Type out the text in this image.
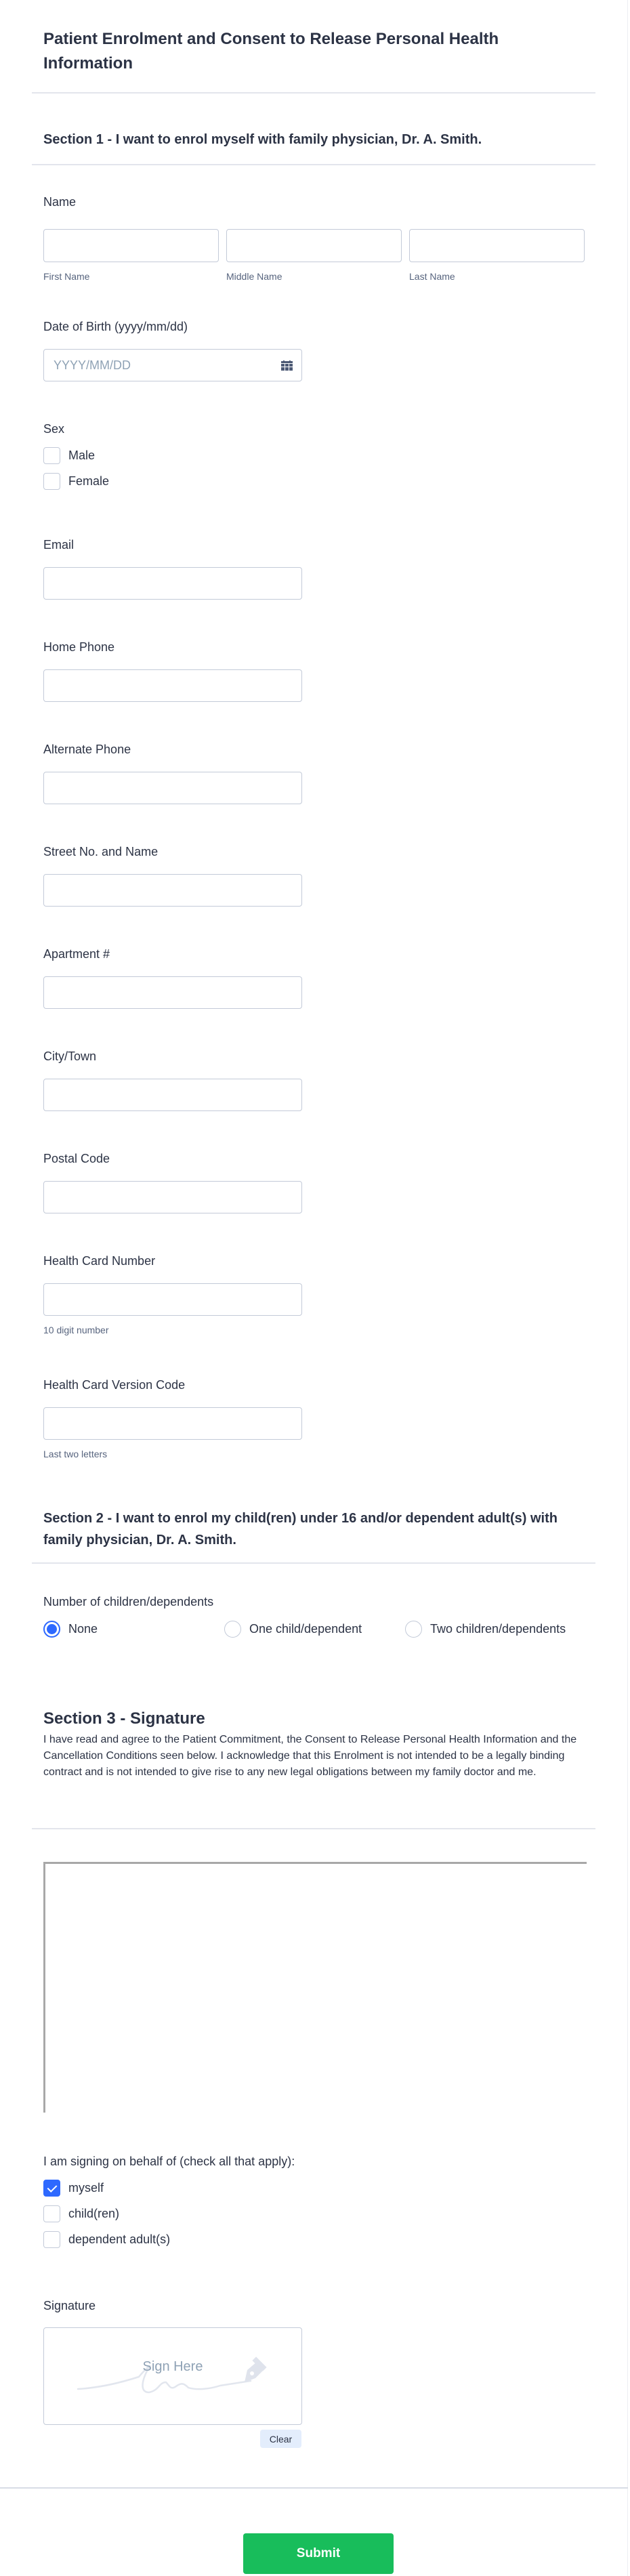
Patient Enrolment and Consent to Release Personal Health Information
Section 1 - I want to enrol myself with family physician, Dr. A. Smith.
Name
First Name	Middle Name	Last Name
Date of Birth (yyyy/mm/dd)
YYYY/MM/DD
Sex
Male
Female
Email
Home Phone
Alternate Phone
Street No. and Name
Apartment #
City/Town
Postal Code
Health Card Number
10 digit number
Health Card Version Code
Last two letters
Section 2 - I want to enrol my child(ren) under 16 and/or dependent adult(s) with family physician, Dr. A. Smith.
Number of children/dependents
None	One child/dependent	Two children/dependents
Section 3 - Signature

I have read and agree to the Patient Commitment, the Consent to Release Personal Health Information and the Cancellation Conditions seen below. I acknowledge that this Enrolment is not intended to be a legally binding contract and is not intended to give rise to any new legal obligations between my family doctor and me.

I am signing on behalf of (check all that apply):
myself
child(ren)
dependent adult(s)
Signature
Sign Here
Clear
Submit
